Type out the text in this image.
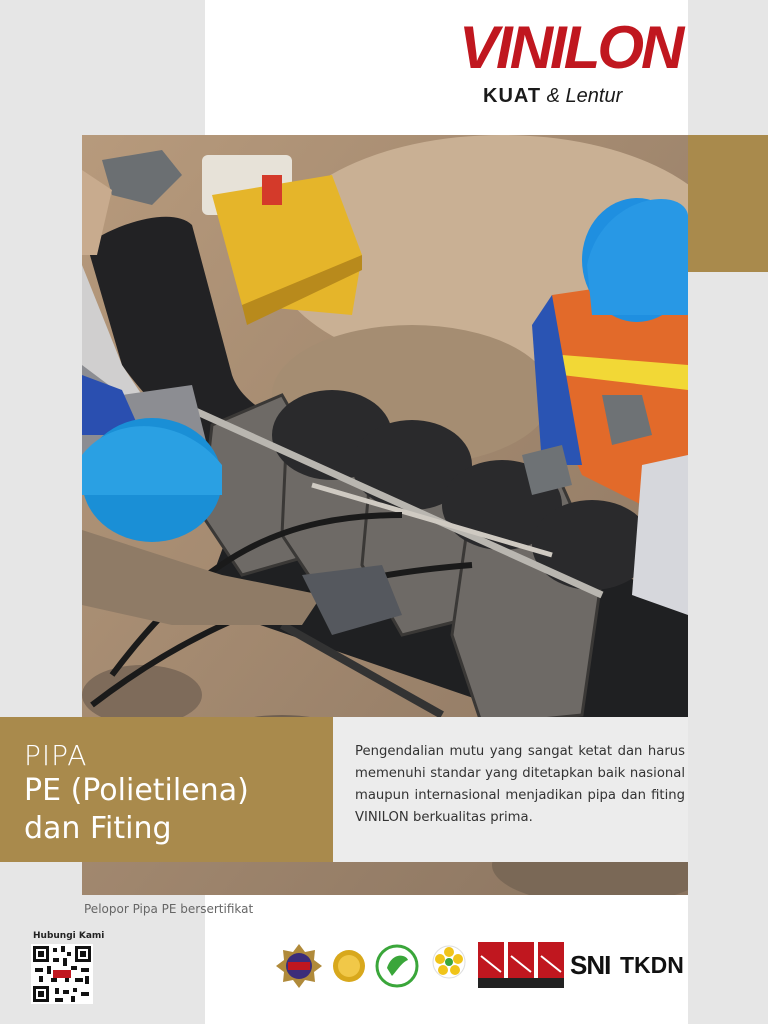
VINILON
KUAT & Lentur
PIPA
PE (Polietilena)
dan Fiting
Pengendalian mutu yang sangat ketat dan harus memenuhi standar yang ditetapkan baik nasional maupun internasional menjadikan pipa dan fiting VINILON berkualitas prima.
Pelopor Pipa PE bersertifikat
Hubungi Kami
SNI TKDN
